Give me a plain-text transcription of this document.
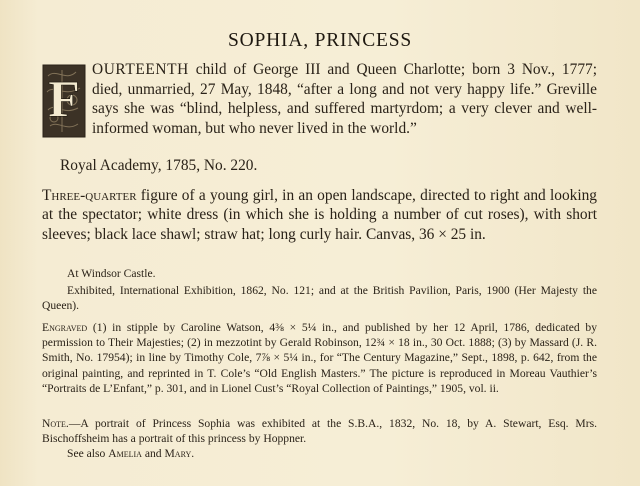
SOPHIA, PRINCESS
F
OURTEENTH child of George III and Queen Charlotte; born 3 Nov., 1777; died, unmarried, 27 May, 1848, “after a long and not very happy life.” Greville says she was “blind, helpless, and suffered martyrdom; a very clever and well-informed woman, but who never lived in the world.”

Royal Academy, 1785, No. 220.

Three-quarter figure of a young girl, in an open landscape, directed to right and looking at the spectator; white dress (in which she is holding a number of cut roses), with short sleeves; black lace shawl; straw hat; long curly hair. Canvas, 36 × 25 in.

At Windsor Castle.

Exhibited, International Exhibition, 1862, No. 121; and at the British Pavilion, Paris, 1900 (Her Majesty the Queen).

Engraved (1) in stipple by Caroline Watson, 4⅜ × 5¼ in., and published by her 12 April, 1786, dedicated by permission to Their Majesties; (2) in mezzotint by Gerald Robinson, 12¾ × 18 in., 30 Oct. 1888; (3) by Massard (J. R. Smith, No. 17954); in line by Timothy Cole, 7⅞ × 5¼ in., for “The Century Magazine,” Sept., 1898, p. 642, from the original painting, and reprinted in T. Cole’s “Old English Masters.” The picture is reproduced in Moreau Vauthier’s “Portraits de L’Enfant,” p. 301, and in Lionel Cust’s “Royal Collection of Paintings,” 1905, vol. ii.

Note.—A portrait of Princess Sophia was exhibited at the S.B.A., 1832, No. 18, by A. Stewart, Esq. Mrs. Bischoffsheim has a portrait of this princess by Hoppner.

See also Amelia and Mary.
